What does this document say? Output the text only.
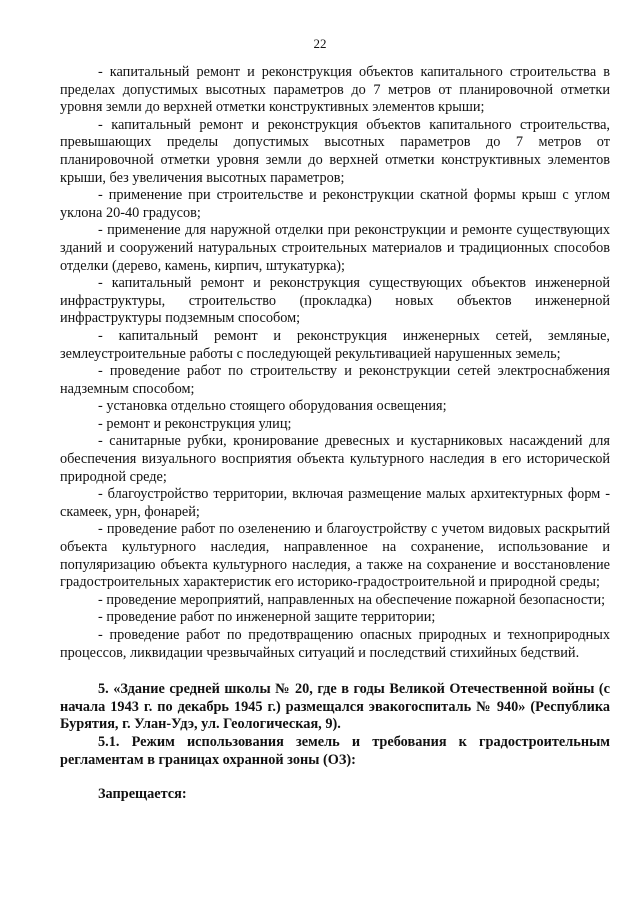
22

- капитальный ремонт и реконструкция объектов капитального строительства в пределах допустимых высотных параметров до 7 метров от планировочной отметки уровня земли до верхней отметки конструктивных элементов крыши;

- капитальный ремонт и реконструкция объектов капитального строительства, превышающих пределы допустимых высотных параметров до 7 метров от планировочной отметки уровня земли до верхней отметки конструктивных элементов крыши, без увеличения высотных параметров;

- применение при строительстве и реконструкции скатной формы крыш с углом уклона 20-40 градусов;

- применение для наружной отделки при реконструкции и ремонте существующих зданий и сооружений натуральных строительных материалов и традиционных способов отделки (дерево, камень, кирпич, штукатурка);

- капитальный ремонт и реконструкция существующих объектов инженерной инфраструктуры, строительство (прокладка) новых объектов инженерной инфраструктуры подземным способом;

- капитальный ремонт и реконструкция инженерных сетей, земляные, землеустроительные работы с последующей рекультивацией нарушенных земель;

- проведение работ по строительству и реконструкции сетей электроснабжения надземным способом;

- установка отдельно стоящего оборудования освещения;

- ремонт и реконструкция улиц;

- санитарные рубки, кронирование древесных и кустарниковых насаждений для обеспечения визуального восприятия объекта культурного наследия в его исторической природной среде;

- благоустройство территории, включая размещение малых архитектурных форм - скамеек, урн, фонарей;

- проведение работ по озеленению и благоустройству с учетом видовых раскрытий объекта культурного наследия, направленное на сохранение, использование и популяризацию объекта культурного наследия, а также на сохранение и восстановление градостроительных характеристик его историко-градостроительной и природной среды;

- проведение мероприятий, направленных на обеспечение пожарной безопасности;

- проведение работ по инженерной защите территории;

- проведение работ по предотвращению опасных природных и техноприродных процессов, ликвидации чрезвычайных ситуаций и последствий стихийных бедствий.

5. «Здание средней школы № 20, где в годы Великой Отечественной войны (с начала 1943 г. по декабрь 1945 г.) размещался эвакогоспиталь № 940» (Республика Бурятия, г. Улан-Удэ, ул. Геологическая, 9).

5.1. Режим использования земель и требования к градостроительным регламентам в границах охранной зоны (ОЗ):

Запрещается:
